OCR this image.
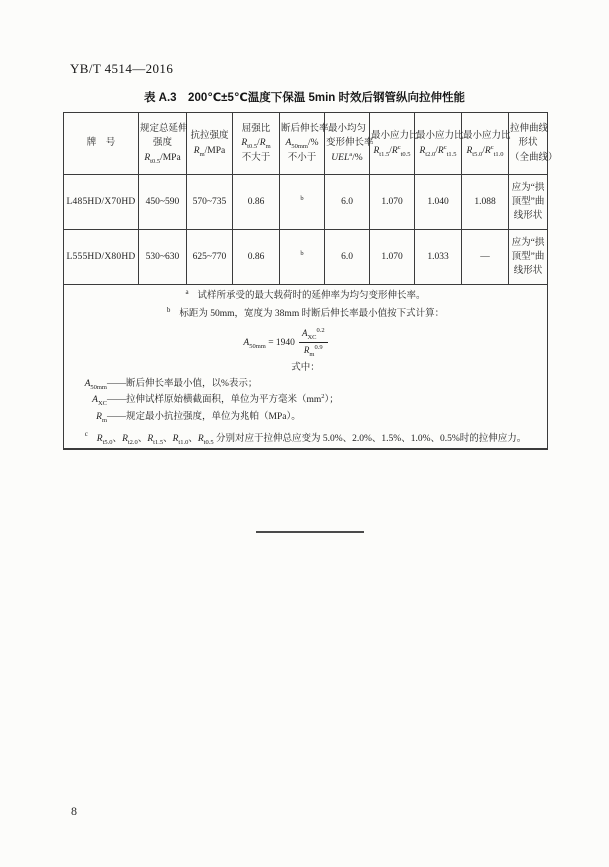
YB/T 4514—2016
表 A.3　200℃±5℃温度下保温 5min 时效后钢管纵向拉伸性能
牌　号

规定总延伸
强度
$R_{t0.5}$/MPa

抗拉强度
$R_m$/MPa

屈强比
$R_{t0.5}/R_m$
不大于

断后伸长率
$A_{50mm}/\%$
不小于

最小均匀
变形伸长率
UEL$^a$/%

最小应力比
$R_{t1.5}/R^c_{t0.5}$

最小应力比
$R_{t2.0}/R^c_{t1.5}$

最小应力比
$R_{t5.0}/R^c_{t1.0}$

拉伸曲线
形状
（全曲线）

L485HD/X70HD	450~590	570~735	0.86	$^b$	6.0	1.070	1.040	1.088	应为“拱顶型”曲线形状
L555HD/X80HD	530~630	625~770	0.86	$^b$	6.0	1.070	1.033	—	应为“拱顶型”曲线形状

$^a$ 试样所承受的最大载荷时的延伸率为均匀变形伸长率。
$^b$ 标距为 50mm，宽度为 38mm 时断后伸长率最小值按下式计算：
$A_{50mm} = 1940 \frac{A_{XC}^{0.2}}{R_m^{0.9}}$
式中：
$A_{50mm}$ —— 断后伸长率最小值，以%表示；
$A_{XC}$ —— 拉伸试样原始横截面积，单位为平方毫米$(mm^2)$；
$R_m$ —— 规定最小抗拉强度，单位为兆帕（MPa）。
$^c$ $R_{t5.0}$、$R_{t2.0}$、$R_{t1.5}$、$R_{t1.0}$、$R_{t0.5}$ 分别对应于拉伸总应变为 5.0%、2.0%、1.5%、1.0%、0.5%时的拉伸应力。
8
